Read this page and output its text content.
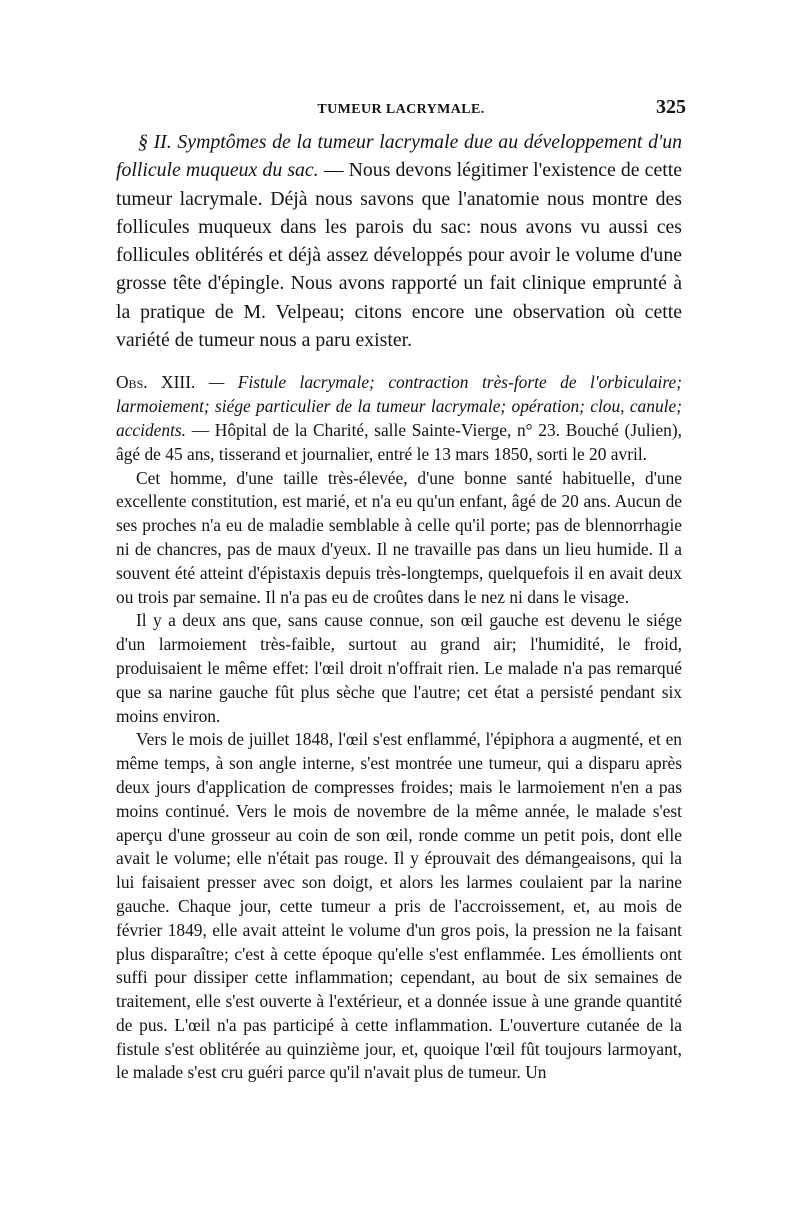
TUMEUR LACRYMALE.	325

§ II. Symptômes de la tumeur lacrymale due au développement d'un follicule muqueux du sac. — Nous devons légitimer l'existence de cette tumeur lacrymale. Déjà nous savons que l'anatomie nous montre des follicules muqueux dans les parois du sac: nous avons vu aussi ces follicules oblitérés et déjà assez développés pour avoir le volume d'une grosse tête d'épingle. Nous avons rapporté un fait clinique emprunté à la pratique de M. Velpeau; citons encore une observation où cette variété de tumeur nous a paru exister.

Obs. XIII. — Fistule lacrymale; contraction très-forte de l'orbiculaire; larmoiement; siége particulier de la tumeur lacrymale; opération; clou, canule; accidents. — Hôpital de la Charité, salle Sainte-Vierge, n° 23. Bouché (Julien), âgé de 45 ans, tisserand et journalier, entré le 13 mars 1850, sorti le 20 avril.

Cet homme, d'une taille très-élevée, d'une bonne santé habituelle, d'une excellente constitution, est marié, et n'a eu qu'un enfant, âgé de 20 ans. Aucun de ses proches n'a eu de maladie semblable à celle qu'il porte; pas de blennorrhagie ni de chancres, pas de maux d'yeux. Il ne travaille pas dans un lieu humide. Il a souvent été atteint d'épistaxis depuis très-longtemps, quelquefois il en avait deux ou trois par semaine. Il n'a pas eu de croûtes dans le nez ni dans le visage.

Il y a deux ans que, sans cause connue, son œil gauche est devenu le siége d'un larmoiement très-faible, surtout au grand air; l'humidité, le froid, produisaient le même effet: l'œil droit n'offrait rien. Le malade n'a pas remarqué que sa narine gauche fût plus sèche que l'autre; cet état a persisté pendant six moins environ.

Vers le mois de juillet 1848, l'œil s'est enflammé, l'épiphora a augmenté, et en même temps, à son angle interne, s'est montrée une tumeur, qui a disparu après deux jours d'application de compresses froides; mais le larmoiement n'en a pas moins continué. Vers le mois de novembre de la même année, le malade s'est aperçu d'une grosseur au coin de son œil, ronde comme un petit pois, dont elle avait le volume; elle n'était pas rouge. Il y éprouvait des démangeaisons, qui la lui faisaient presser avec son doigt, et alors les larmes coulaient par la narine gauche. Chaque jour, cette tumeur a pris de l'accroissement, et, au mois de février 1849, elle avait atteint le volume d'un gros pois, la pression ne la faisant plus disparaître; c'est à cette époque qu'elle s'est enflammée. Les émollients ont suffi pour dissiper cette inflammation; cependant, au bout de six semaines de traitement, elle s'est ouverte à l'extérieur, et a donnée issue à une grande quantité de pus. L'œil n'a pas participé à cette inflammation. L'ouverture cutanée de la fistule s'est oblitérée au quinzième jour, et, quoique l'œil fût toujours larmoyant, le malade s'est cru guéri parce qu'il n'avait plus de tumeur. Un
